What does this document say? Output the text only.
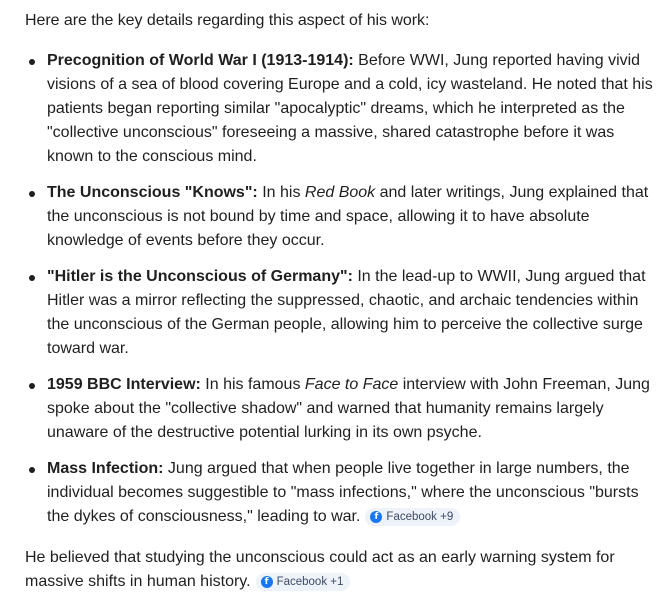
Here are the key details regarding this aspect of his work:

Precognition of World War I (1913-1914): Before WWI, Jung reported having vivid visions of a sea of blood covering Europe and a cold, icy wasteland. He noted that his patients began reporting similar "apocalyptic" dreams, which he interpreted as the "collective unconscious" foreseeing a massive, shared catastrophe before it was known to the conscious mind.
The Unconscious "Knows": In his Red Book and later writings, Jung explained that the unconscious is not bound by time and space, allowing it to have absolute knowledge of events before they occur.
"Hitler is the Unconscious of Germany": In the lead-up to WWII, Jung argued that Hitler was a mirror reflecting the suppressed, chaotic, and archaic tendencies within the unconscious of the German people, allowing him to perceive the collective surge toward war.
1959 BBC Interview: In his famous Face to Face interview with John Freeman, Jung spoke about the "collective shadow" and warned that humanity remains largely unaware of the destructive potential lurking in its own psyche.
Mass Infection: Jung argued that when people live together in large numbers, the individual becomes suggestible to "mass infections," where the unconscious "bursts the dykes of consciousness," leading to war.	f Facebook +9

He believed that studying the unconscious could act as an early warning system for massive shifts in human history.	f Facebook +1
